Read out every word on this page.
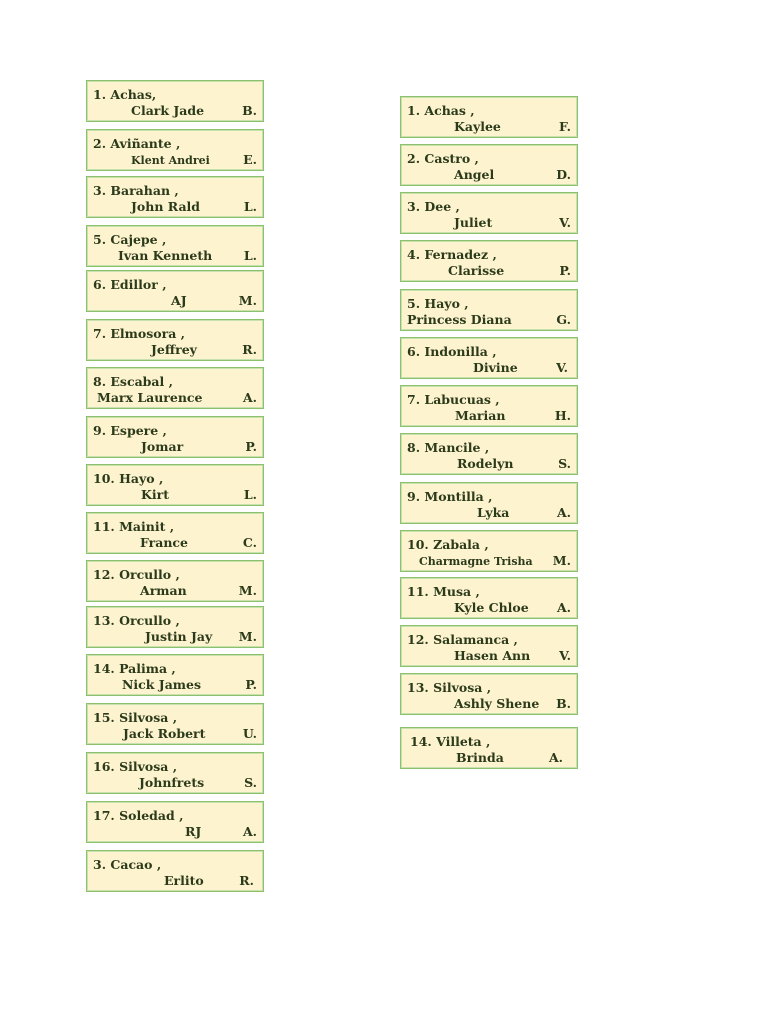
1. Achas,
Clark Jade	B.
2. Aviñante ,
Klent Andrei	E.
3. Barahan ,
John Rald	L.
5. Cajepe ,
Ivan Kenneth	L.
6. Edillor ,
AJ	M.
7. Elmosora ,
Jeffrey	R.
8. Escabal ,
Marx Laurence	A.
9. Espere ,
Jomar	P.
10. Hayo ,
Kirt	L.
11. Mainit ,
France	C.
12. Orcullo ,
Arman	M.
13. Orcullo ,
Justin Jay M.
14. Palima ,
Nick James	P.
15. Silvosa ,
Jack Robert	U.
16. Silvosa ,
Johnfrets	S.
17. Soledad ,
RJ	A.
3. Cacao ,
Erlito	R.
1. Achas ,
Kaylee	F.
2. Castro ,
Angel	D.
3. Dee ,
Juliet	V.
4. Fernadez ,
Clarisse	P.
5. Hayo ,
Princess Diana	G.
6. Indonilla ,
Divine	V.
7. Labucuas ,
Marian	H.
8. Mancile ,
Rodelyn	S.
9. Montilla ,
Lyka	A.
10. Zabala ,
Charmagne Trisha M.
11. Musa ,
Kyle Chloe A.
12. Salamanca ,
Hasen Ann V.
13. Silvosa ,
Ashly Shene B.
14. Villeta ,
Brinda	A.
